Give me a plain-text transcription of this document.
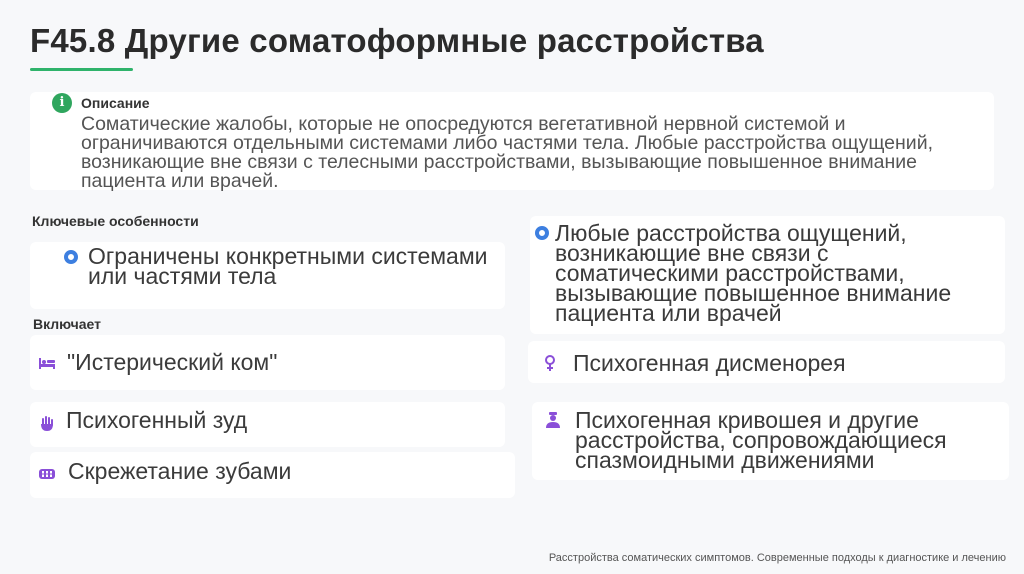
F45.8 Другие соматоформные расстройства
i	Описание
Соматические жалобы, которые не опосредуются вегетативной нервной системой и ограничиваются отдельными системами либо частями тела. Любые расстройства ощущений, возникающие вне связи с телесными расстройствами, вызывающие повышенное внимание пациента или врачей.
Ключевые особенности
Ограничены конкретными системами или частями тела
Любые расстройства ощущений, возникающие вне связи с соматическими расстройствами, вызывающие повышенное внимание пациента или врачей
Включает
"Истерический ком"
Психогенный зуд
Скрежетание зубами
Психогенная дисменорея
Психогенная кривошея и другие расстройства, сопровождающиеся спазмоидными движениями
Расстройства соматических симптомов. Современные подходы к диагностике и лечению
